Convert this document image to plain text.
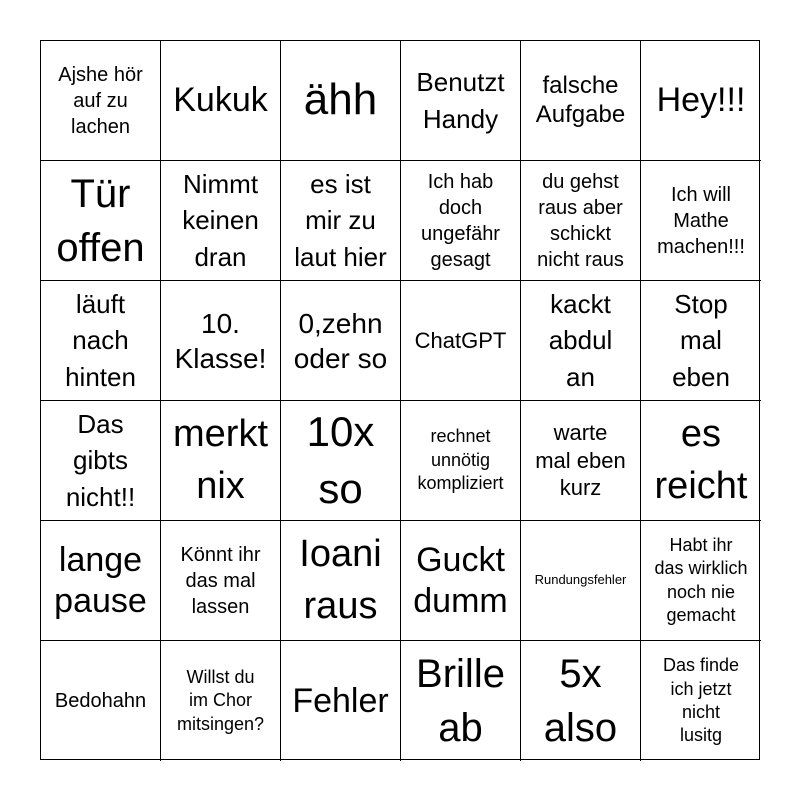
Ajshe hör
auf zu
lachen
Kukuk ähh Benutzt
Handy
falsche
Aufgabe Hey!!!
Tür
offen
Nimmt
keinen
dran
es ist
mir zu
laut hier
Ich hab
doch
ungefähr
gesagt
du gehst
raus aber
schickt
nicht raus
Ich will
Mathe
machen!!!
läuft
nach
hinten
10.
Klasse!
0,zehn
oder so
ChatGPT
kackt
abdul
an
Stop
mal
eben
Das
gibts
nicht!!
merkt
nix
10x
so
rechnet
unnötig
kompliziert
warte
mal eben
kurz
es
reicht
lange
pause
Könnt ihr
das mal
lassen
Ioani
raus
Guckt
dumm
Rundungsfehler
Habt ihr
das wirklich
noch nie
gemacht
Bedohahn
Willst du
im Chor
mitsingen?
Fehler
Brille
ab
5x
also
Das finde
ich jetzt
nicht
lusitg
